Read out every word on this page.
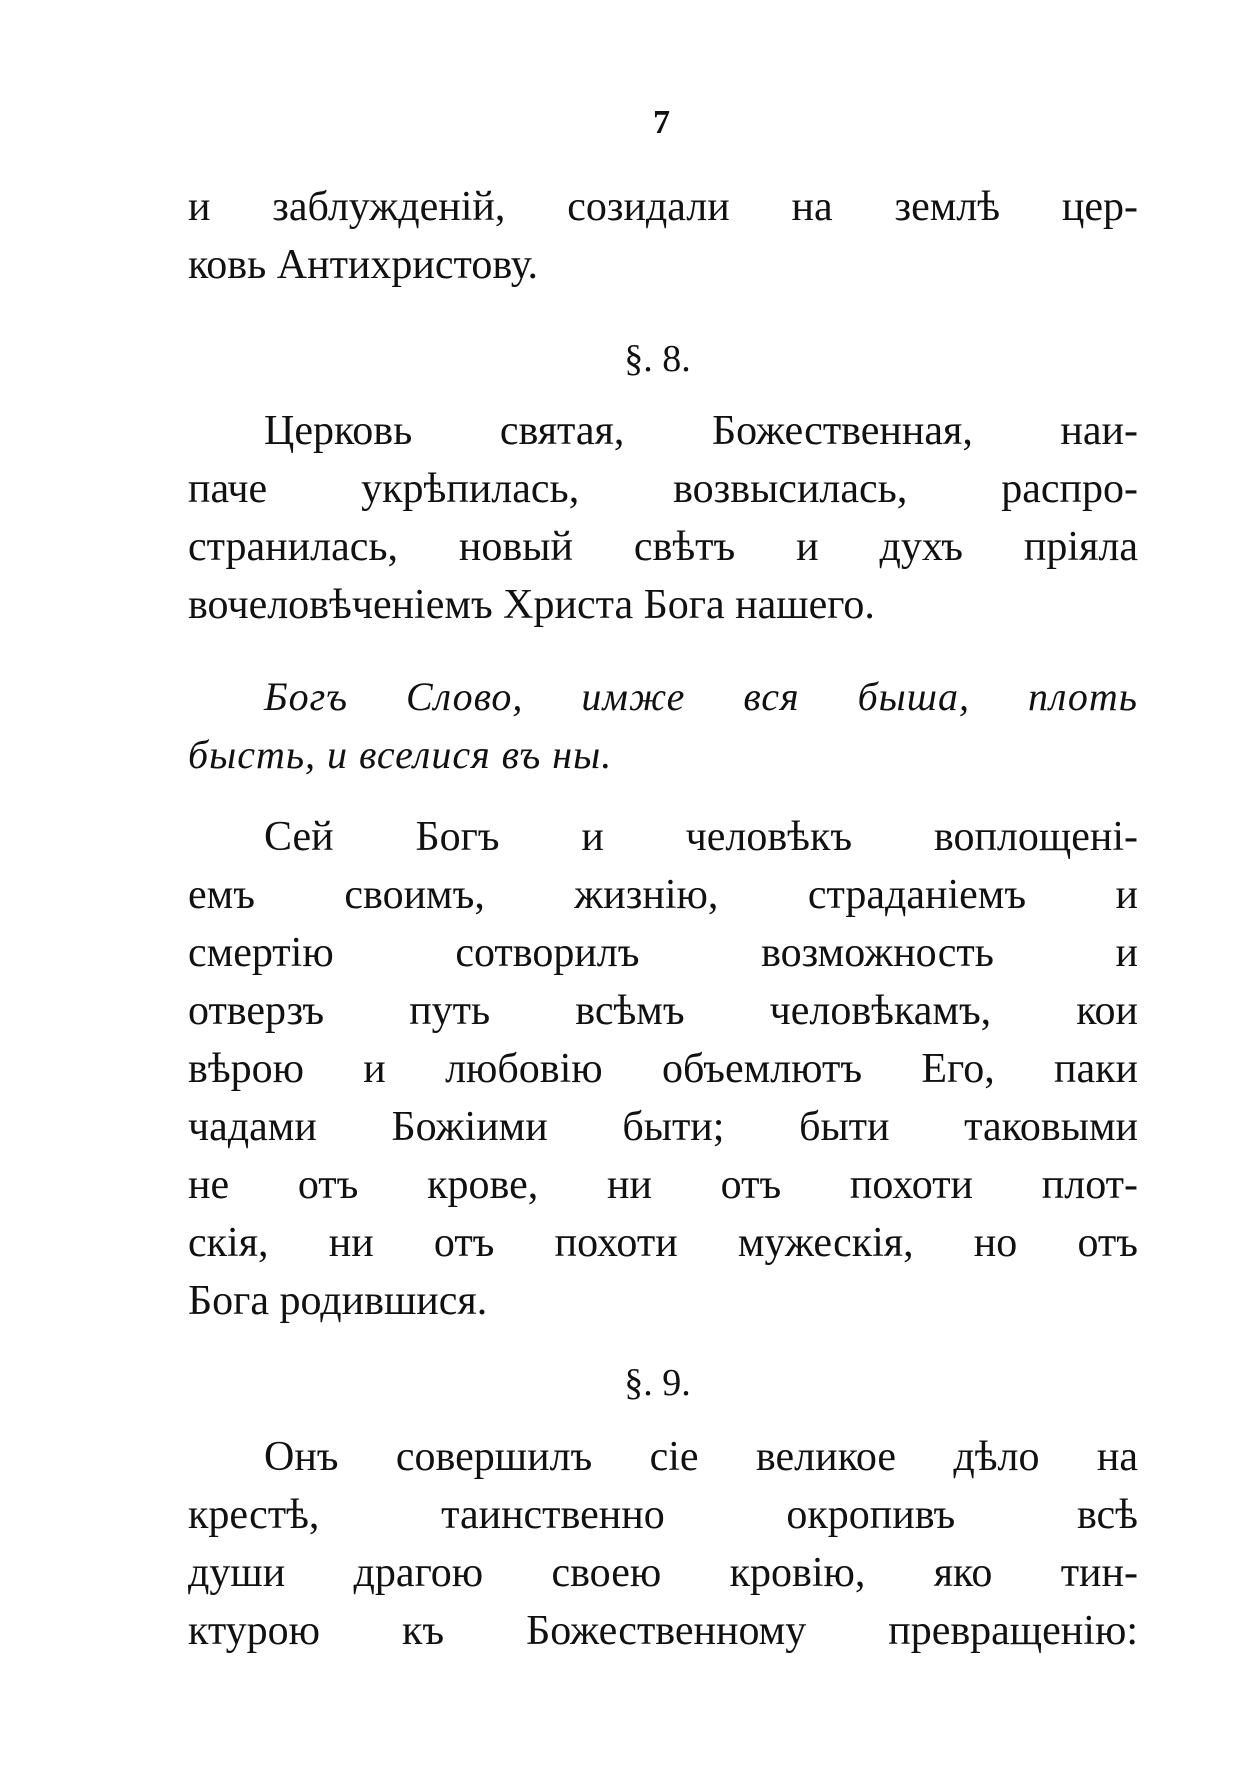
7
и заблужденій, созидали на землѣ цер-
ковь Антихристову.
§. 8.
Церковь святая, Божественная, наи-
паче укрѣпилась, возвысилась, распро-
странилась, новый свѣтъ и духъ пріяла
вочеловѣченіемъ Христа Бога нашего.
Богъ Слово, имже вся быша, плоть
бысть, и вселися въ ны.
Сей Богъ и человѣкъ воплощені-
емъ своимъ, жизнію, страданіемъ и
смертію сотворилъ возможность и
отверзъ путь всѣмъ человѣкамъ, кои
вѣрою и любовію объемлютъ Его, паки
чадами Божіими быти; быти таковыми
не отъ крове, ни отъ похоти плот-
скія, ни отъ похоти мужескія, но отъ
Бога родившися.
§. 9.
Онъ совершилъ сіе великое дѣло на
крестѣ, таинственно окропивъ всѣ
души драгою своею кровію, яко тин-
ктурою къ Божественному превращенію:
